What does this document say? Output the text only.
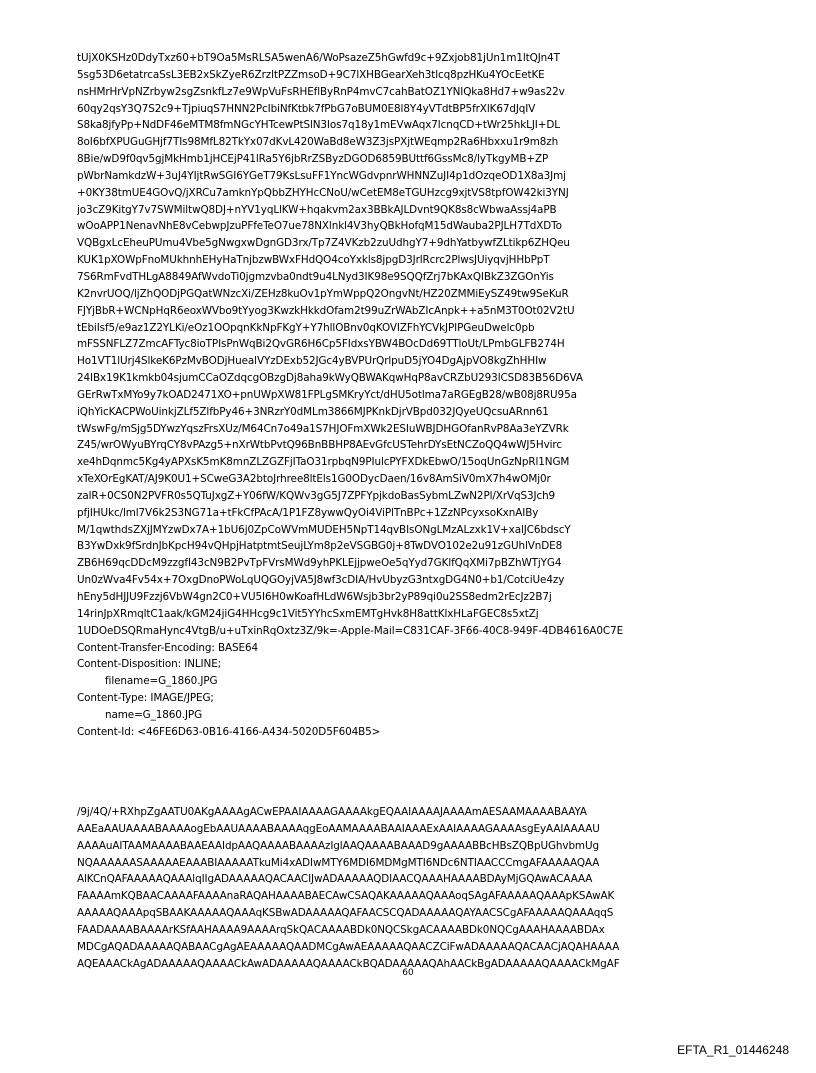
tUjX0KSHz0DdyTxz60+bT9Oa5MsRLSA5wenA6/WoPsazeZ5hGwfd9c+9Zxjob81jUn1m1ltQJn4T
5sg53D6etatrcaSsL3EB2xSkZyeR6ZrzltPZZmsoD+9C7lXHBGearXeh3tlcq8pzHKu4YOcEetKE
nsHMrHrVpNZrbyw2sgZsnkfLz7e9WpVuFsRHEflByRnP4mvC7cahBatOZ1YNIQka8Hd7+w9as22v
60qy2qsY3Q7S2c9+TjpiuqS7HNN2PcIbiNfKtbk7fPbG7oBUM0E8l8Y4yVTdtBP5frXlK67dJqIV
S8ka8jfyPp+NdDF46eMTM8fmNGcYHTcewPtSlN3Ios7q18y1mEVwAqx7lcnqCD+tWr25hkLJI+DL
8oI6bfXPUGuGHjf7TIs98MfL82TkYx07dKvL420WaBd8eW3Z3jsPXjtWEqmp2Ra6Hbxxu1r9m8zh
8Bie/wD9f0qv5gjMkHmb1jHCEjP41lRa5Y6jbRrZSByzDGOD6859BUttf6GssMc8/lyTkgyMB+ZP
pWbrNamkdzW+3uJ4YIjtRwSGI6YGeT79KsLsuFF1YncWGdvpnrWHNNZuJI4p1dOzqeOD1X8a3Jmj
+0KY38tmUE4GOvQ/jXRCu7amknYpQbbZHYHcCNoU/wCetEM8eTGUHzcg9xjtVS8tpfOW42ki3YNJ
jo3cZ9KitgY7v7SWMiltwQ8DJ+nYV1yqLlKW+hqakvm2ax3BBkAJLDvnt9QK8s8cWbwaAssj4aPB
wOoAPP1NenavNhE8vCebwpJzuPFfeTeO7ue78NXlnkl4V3hyQBkHofqM15dWauba2PJLH7TdXDTo
VQBgxLcEheuPUmu4Vbe5gNwgxwDgnGD3rx/Tp7Z4VKzb2zuUdhgY7+9dhYatbywfZLtikp6ZHQeu
KUK1pXOWpFnoMUkhnhEHyHaTnjbzwBWxFHdQO4coYxkls8jpgD3JrlRcrc2PlwsJUiyqvjHHbPpT
7S6RmFvdTHLgA8849AfWvdoTi0jgmzvba0ndt9u4LNyd3IK98e9SQQfZrj7bKAxQIBkZ3ZGOnYis
K2nvrUOQ/ljZhQODjPGQatWNzcXi/ZEHz8kuOv1pYmWppQ2OngvNt/HZ20ZMMiEySZ49tw9SeKuR
FJYjBbR+WCNpHqR6eoxWVbo9tYyog3KwzkHkkdOfam2t99uZrWAbZIcAnpk++a5nM3T0Ot02V2tU
tEbiIsf5/e9az1Z2YLKi/eOz1OOpqnKkNpFKgY+Y7hllOBnv0qKOVIZFhYCVkJPIPGeuDwelc0pb
mFSSNFLZ7ZmcAFTyc8ioTPIsPnWqBi2QvGR6H6Cp5FIdxsYBW4BOcDd69TTloUt/LPmbGLFB274H
Ho1VT1lUrj4SlkeK6PzMvBODjHuealVYzDExb52JGc4yBVPUrQrlpuD5jYO4DgAjpVO8kgZhHHIw
24IBx19K1kmkb04sjumCCaOZdqcgOBzgDj8aha9kWyQBWAKqwHqP8avCRZbU293lCSD83B56D6VA
GErRwTxMYo9y7kOAD2471XO+pnUWpXW81FPLgSMKryYct/dHU5otlma7aRGEgB28/wB08j8RU95a
iQhYicKACPWoUinkjZLf5ZlfbPy46+3NRzrY0dMLm3866MJPKnkDjrVBpd032JQyeUQcsuARnn61
tWswFg/mSjg5DYwzYqszFrsXUz/M64Cn7o49a1S7HJOFmXWk2ESIuWBJDHGOfanRvP8Aa3eYZVRk
Z45/wrOWyuBYrqCY8vPAzg5+nXrWtbPvtQ96BnBBHP8AEvGfcUSTehrDYsEtNCZoQQ4wWJ5Hvirc
xe4hDqnmc5Kg4yAPXsK5mK8mnZLZGZFjITaO31rpbqN9PIulcPYFXDkEbwO/15oqUnGzNpRl1NGM
xTeXOrEgKAT/AJ9K0U1+SCweG3A2btoJrhree8ltEls1G0ODycDaen/16v8AmSiV0mX7h4wOMj0r
zalR+0CS0N2PVFR0s5QTuJxgZ+Y06fW/KQWv3gG5J7ZPFYpjkdoBasSybmLZwN2Pl/XrVqS3Jch9
pfjIHUkc/lml7V6k2S3NG71a+tFkCfPAcA/1P1FZ8ywwQyOi4ViPlTnBPc+1ZzNPcyxsoKxnAIBy
M/1qwthdsZXjJMYzwDx7A+1bU6j0ZpCoWVmMUDEH5NpT14qvBIsONgLMzALzxk1V+xalJC6bdscY
B3YwDxk9fSrdnJbKpcH94vQHpjHatptmtSeujLYm8p2eVSGBG0j+8TwDVO102e2u91zGUhlVnDE8
ZB6H69qcDDcM9zzgfI43cN9B2PvTpFVrsMWd9yhPKLEjjpweOe5qYyd7GKlfQqXMi7pBZhWTjYG4
Un0zWva4Fv54x+7OxgDnoPWoLqUQGOyjVA5J8wf3cDIA/HvUbyzG3ntxgDG4N0+b1/CotciUe4zy
hEny5dHJJU9Fzzj6VbW4gn2C0+VU5I6H0wKoafHLdW6Wsjb3br2yP89qi0u2SS8edm2rEcJz2B7j
14rinJpXRmqltC1aak/kGM24jiG4HHcg9c1Vit5YYhcSxmEMTgHvk8H8attKlxHLaFGEC8s5xtZj
1UDOeDSQRmaHync4VtgB/u+uTxinRqOxtz3Z/9k=-Apple-Mail=C831CAF-3F66-40C8-949F-4DB4616A0C7E
Content-Transfer-Encoding: BASE64
Content-Disposition: INLINE;
filename=G_1860.JPG
Content-Type: IMAGE/JPEG;
name=G_1860.JPG
Content-Id: <46FE6D63-0B16-4166-A434-5020D5F604B5>
/9j/4Q/+RXhpZgAATU0AKgAAAAgACwEPAAIAAAAGAAAAkgEQAAIAAAAJAAAAmAESAAMAAAABAAYA
AAEaAAUAAAABAAAAogEbAAUAAAABAAAAqgEoAAMAAAABAAIAAAExAAIAAAAGAAAAsgEyAAIAAAAU
AAAAuAITAAMAAAABAAEAAIdpAAQAAAABAAAAzIglAAQAAAABAAAD9gAAAABBcHBsZQBpUGhvbmUg
NQAAAAAASAAAAAEAAABIAAAAATkuMi4xADIwMTY6MDI6MDMgMTI6NDc6NTIAACCCmgAFAAAAAQAA
AlKCnQAFAAAAAQAAAlqIIgADAAAAAQACAACIJwADAAAAAQDIAACQAAAHAAAABDAyMjGQAwACAAAA
FAAAAmKQBAACAAAAFAAAAnaRAQAHAAAABAECAwCSAQAKAAAAAQAAAoqSAgAFAAAAAQAAApKSAwAK
AAAAAQAAApqSBAAKAAAAAQAAAqKSBwADAAAAAQAFAACSCQADAAAAAQAYAACSCgAFAAAAAQAAAqqS
FAADAAAABAAAArKSfAAHAAAA9AAAArqSkQACAAAABDk0NQCSkgACAAAABDk0NQCgAAAHAAAABDAx
MDCgAQADAAAAAQABAACgAgAEAAAAAQAADMCgAwAEAAAAAQAACZCiFwADAAAAAQACAACjAQAHAAAA
AQEAAACkAgADAAAAAQAAAACkAwADAAAAAQAAAACkBQADAAAAAQAhAACkBgADAAAAAQAAAACkMgAF
60
EFTA_R1_01446248
